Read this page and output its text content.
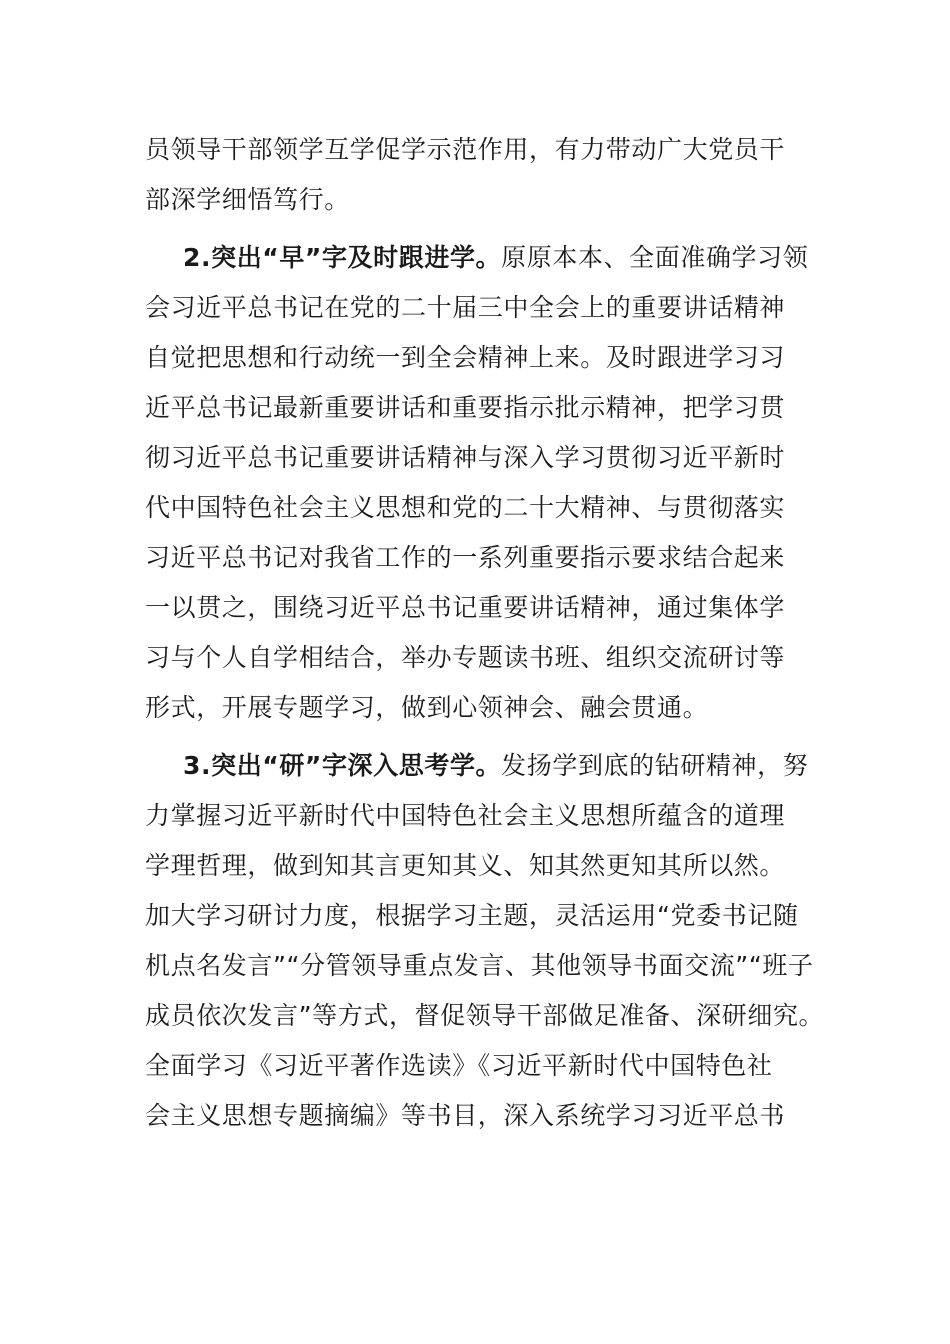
员领导干部领学互学促学示范作用，有力带动广大党员干
部深学细悟笃行。

2.突出“早”字及时跟进学。原原本本、全面准确学习领
会习近平总书记在党的二十届三中全会上的重要讲话精神
自觉把思想和行动统一到全会精神上来。及时跟进学习习
近平总书记最新重要讲话和重要指示批示精神，把学习贯
彻习近平总书记重要讲话精神与深入学习贯彻习近平新时
代中国特色社会主义思想和党的二十大精神、与贯彻落实
习近平总书记对我省工作的一系列重要指示要求结合起来
一以贯之，围绕习近平总书记重要讲话精神，通过集体学
习与个人自学相结合，举办专题读书班、组织交流研讨等
形式，开展专题学习，做到心领神会、融会贯通。

3.突出“研”字深入思考学。发扬学到底的钻研精神，努
力掌握习近平新时代中国特色社会主义思想所蕴含的道理
学理哲理，做到知其言更知其义、知其然更知其所以然。
加大学习研讨力度，根据学习主题，灵活运用“党委书记随
机点名发言”“分管领导重点发言、其他领导书面交流”“班子
成员依次发言”等方式，督促领导干部做足准备、深研细究。
全面学习《习近平著作选读》《习近平新时代中国特色社
会主义思想专题摘编》等书目，深入系统学习习近平总书
